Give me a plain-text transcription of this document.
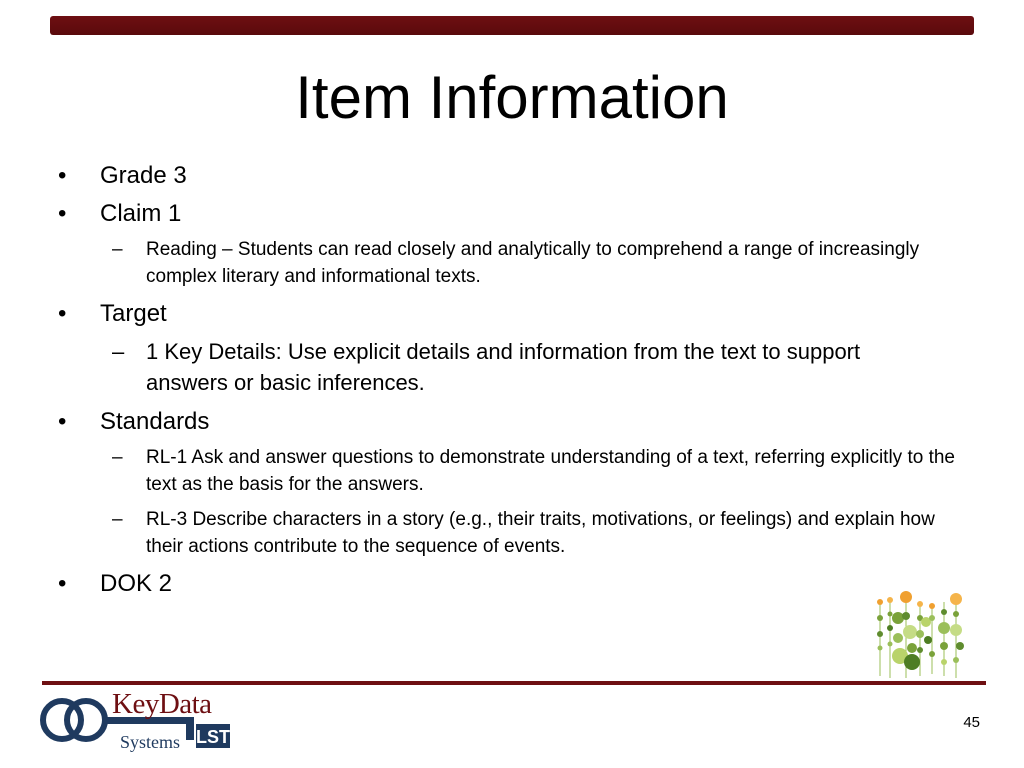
Item Information
• Grade 3
• Claim 1
– Reading – Students can read closely and analytically to comprehend a range of increasingly complex literary and informational texts.
• Target
– 1 Key Details: Use explicit details and information from the text to support answers or basic inferences.
• Standards
– RL-1 Ask and answer questions to demonstrate understanding of a text, referring explicitly to the text as the basis for the answers.
– RL-3 Describe characters in a story (e.g., their traits, motivations, or feelings) and explain how their actions contribute to the sequence of events.
• DOK 2
LST
KeyData
Systems
45
